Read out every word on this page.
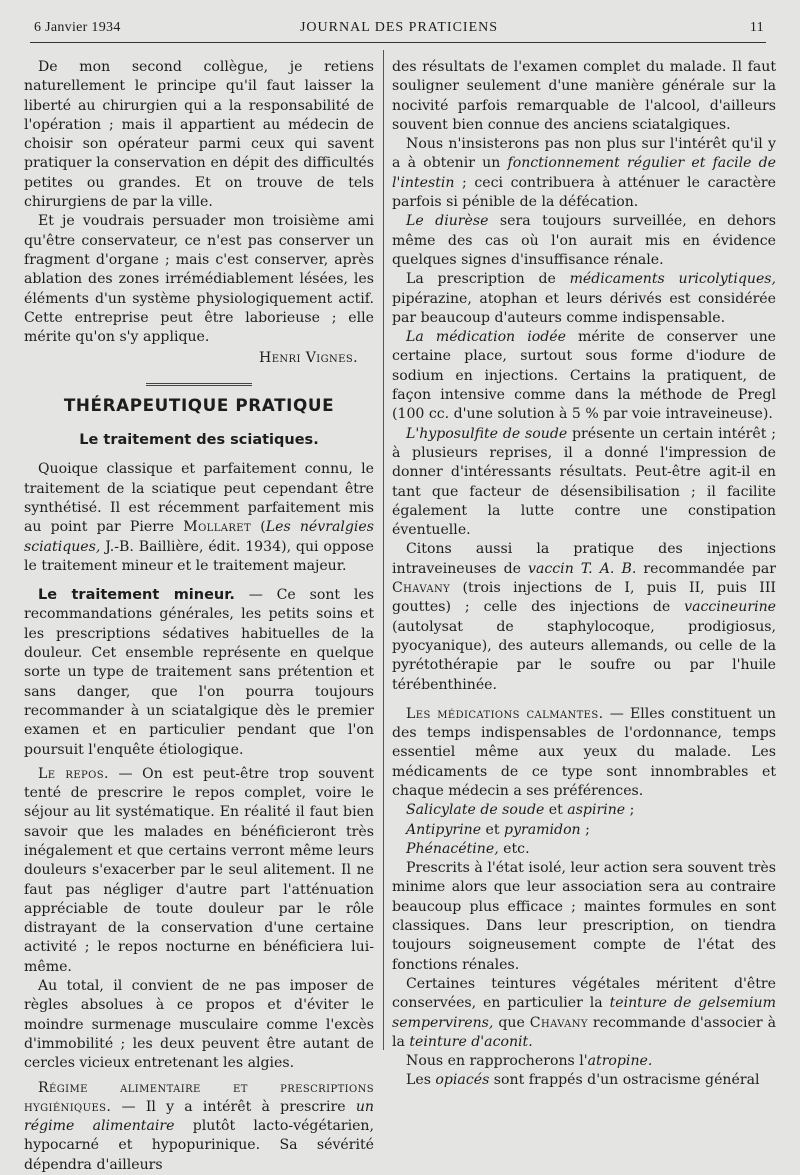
6 Janvier 1934	JOURNAL DES PRATICIENS	11

De mon second collègue, je retiens naturellement le principe qu'il faut laisser la liberté au chirurgien qui a la responsabilité de l'opération ; mais il appartient au médecin de choisir son opérateur parmi ceux qui savent pratiquer la conservation en dépit des difficultés petites ou grandes. Et on trouve de tels chirurgiens de par la ville.

Et je voudrais persuader mon troisième ami qu'être conservateur, ce n'est pas conserver un fragment d'organe ; mais c'est conserver, après ablation des zones irrémédiablement lésées, les éléments d'un système physiologiquement actif. Cette entreprise peut être laborieuse ; elle mérite qu'on s'y applique.

Henri Vignes.

THÉRAPEUTIQUE PRATIQUE

Le traitement des sciatiques.

Quoique classique et parfaitement connu, le traitement de la sciatique peut cependant être synthétisé. Il est récemment parfaitement mis au point par Pierre Mollaret (Les névralgies sciatiques, J.-B. Baillière, édit. 1934), qui oppose le traitement mineur et le traitement majeur.

Le traitement mineur. — Ce sont les recommandations générales, les petits soins et les prescriptions sédatives habituelles de la douleur. Cet ensemble représente en quelque sorte un type de traitement sans prétention et sans danger, que l'on pourra toujours recommander à un sciatalgique dès le premier examen et en particulier pendant que l'on poursuit l'enquête étiologique.

Le repos. — On est peut-être trop souvent tenté de prescrire le repos complet, voire le séjour au lit systématique. En réalité il faut bien savoir que les malades en bénéficieront très inégalement et que certains verront même leurs douleurs s'exacerber par le seul alitement. Il ne faut pas négliger d'autre part l'atténuation appréciable de toute douleur par le rôle distrayant de la conservation d'une certaine activité ; le repos nocturne en bénéficiera lui-même.

Au total, il convient de ne pas imposer de règles absolues à ce propos et d'éviter le moindre surmenage musculaire comme l'excès d'immobilité ; les deux peuvent être autant de cercles vicieux entretenant les algies.

Régime alimentaire et prescriptions hygiéniques. — Il y a intérêt à prescrire un régime alimentaire plutôt lacto-végétarien, hypocarné et hypopurinique. Sa sévérité dépendra d'ailleurs

des résultats de l'examen complet du malade. Il faut souligner seulement d'une manière générale sur la nocivité parfois remarquable de l'alcool, d'ailleurs souvent bien connue des anciens sciatalgiques.

Nous n'insisterons pas non plus sur l'intérêt qu'il y a à obtenir un fonctionnement régulier et facile de l'intestin ; ceci contribuera à atténuer le caractère parfois si pénible de la défécation.

Le diurèse sera toujours surveillée, en dehors même des cas où l'on aurait mis en évidence quelques signes d'insuffisance rénale.

La prescription de médicaments uricolytiques, pipérazine, atophan et leurs dérivés est considérée par beaucoup d'auteurs comme indispensable.

La médication iodée mérite de conserver une certaine place, surtout sous forme d'iodure de sodium en injections. Certains la pratiquent, de façon intensive comme dans la méthode de Pregl (100 cc. d'une solution à 5 % par voie intraveineuse).

L'hyposulfite de soude présente un certain intérêt ; à plusieurs reprises, il a donné l'impression de donner d'intéressants résultats. Peut-être agit-il en tant que facteur de désensibilisation ; il facilite également la lutte contre une constipation éventuelle.

Citons aussi la pratique des injections intraveineuses de vaccin T. A. B. recommandée par Chavany (trois injections de I, puis II, puis III gouttes) ; celle des injections de vaccineurine (autolysat de staphylocoque, prodigiosus, pyocyanique), des auteurs allemands, ou celle de la pyrétothérapie par le soufre ou par l'huile térébenthinée.

Les médications calmantes. — Elles constituent un des temps indispensables de l'ordonnance, temps essentiel même aux yeux du malade. Les médicaments de ce type sont innombrables et chaque médecin a ses préférences.

Salicylate de soude et aspirine ;

Antipyrine et pyramidon ;

Phénacétine, etc.

Prescrits à l'état isolé, leur action sera souvent très minime alors que leur association sera au contraire beaucoup plus efficace ; maintes formules en sont classiques. Dans leur prescription, on tiendra toujours soigneusement compte de l'état des fonctions rénales.

Certaines teintures végétales méritent d'être conservées, en particulier la teinture de gelsemium sempervirens, que Chavany recommande d'associer à la teinture d'aconit.

Nous en rapprocherons l'atropine.

Les opiacés sont frappés d'un ostracisme général
